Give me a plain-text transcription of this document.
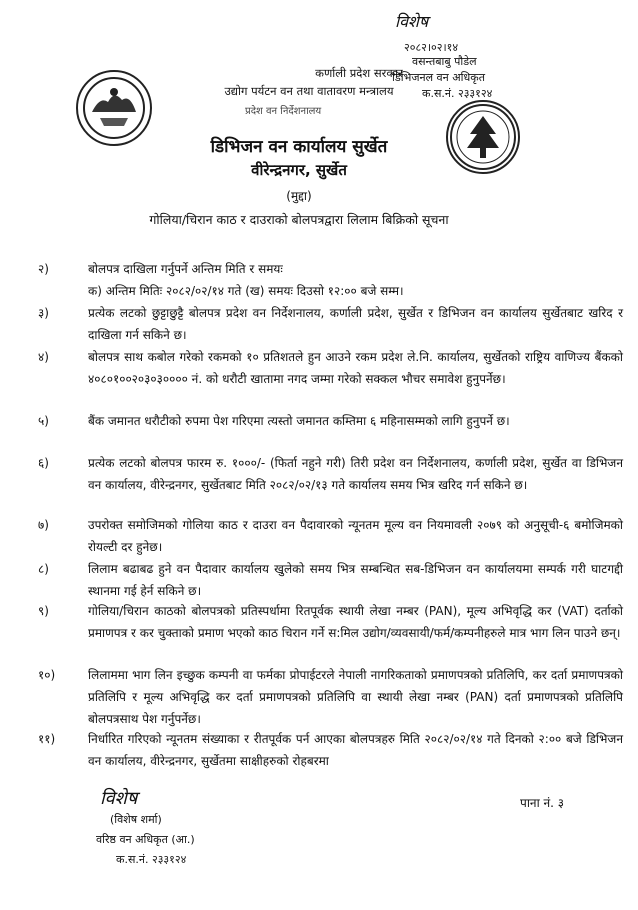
कर्णाली प्रदेश सरकार
उद्योग पर्यटन वन तथा वातावरण मन्त्रालय
प्रदेश वन निर्देशनालय
डिभिजन वन कार्यालय सुर्खेत
वीरेन्द्रनगर, सुर्खेत
विशेष
२०८२।०२।१४
वसन्तबाबु पौडेल
डिभिजनल वन अधिकृत
क.स.नं. २३३१२४
(मुद्दा)
गोलिया/चिरान काठ र दाउराको बोलपत्रद्वारा लिलाम बिक्रिको सूचना
२)	बोलपत्र दाखिला गर्नुपर्ने अन्तिम मिति र समयः
क) अन्तिम मितिः २०८२/०२/१४ गते (ख) समयः दिउसो १२:०० बजे सम्म।
३)	प्रत्येक लटको छुट्टाछुट्टै बोलपत्र प्रदेश वन निर्देशनालय, कर्णाली प्रदेश, सुर्खेत र डिभिजन वन कार्यालय सुर्खेतबाट खरिद र दाखिला गर्न सकिने छ।
४)	बोलपत्र साथ कबोल गरेको रकमको १० प्रतिशतले हुन आउने रकम प्रदेश ले.नि. कार्यालय, सुर्खेतको राष्ट्रिय वाणिज्य बैंकको ४०८०१००२०३०३०००० नं. को धरौटी खातामा नगद जम्मा गरेको सक्कल भौचर समावेश हुनुपर्नेछ।
५)	बैंक जमानत धरौटीको रुपमा पेश गरिएमा त्यस्तो जमानत कम्तिमा ६ महिनासम्मको लागि हुनुपर्ने छ।
६)	प्रत्येक लटको बोलपत्र फारम रु. १०००/- (फिर्ता नहुने गरी) तिरी प्रदेश वन निर्देशनालय, कर्णाली प्रदेश, सुर्खेत वा डिभिजन वन कार्यालय, वीरेन्द्रनगर, सुर्खेतबाट मिति २०८२/०२/१३ गते कार्यालय समय भित्र खरिद गर्न सकिने छ।
७)	उपरोक्त समोजिमको गोलिया काठ र दाउरा वन पैदावारको न्यूनतम मूल्य वन नियमावली २०७९ को अनुसूची-६ बमोजिमको रोयल्टी दर हुनेछ।
८)	लिलाम बढाबढ हुने वन पैदावार कार्यालय खुलेको समय भित्र सम्बन्धित सब-डिभिजन वन कार्यालयमा सम्पर्क गरी घाटगद्दी स्थानमा गई हेर्न सकिने छ।
९)	गोलिया/चिरान काठको बोलपत्रको प्रतिस्पर्धामा रितपूर्वक स्थायी लेखा नम्बर (PAN), मूल्य अभिवृद्धि कर (VAT) दर्ताको प्रमाणपत्र र कर चुक्ताको प्रमाण भएको काठ चिरान गर्ने स:मिल उद्योग/व्यवसायी/फर्म/कम्पनीहरुले मात्र भाग लिन पाउने छन्।
१०)	लिलाममा भाग लिन इच्छुक कम्पनी वा फर्मका प्रोपाईटरले नेपाली नागरिकताको प्रमाणपत्रको प्रतिलिपि, कर दर्ता प्रमाणपत्रको प्रतिलिपि र मूल्य अभिवृद्धि कर दर्ता प्रमाणपत्रको प्रतिलिपि वा स्थायी लेखा नम्बर (PAN) दर्ता प्रमाणपत्रको प्रतिलिपि बोलपत्रसाथ पेश गर्नुपर्नेछ।
११)	निर्धारित गरिएको न्यूनतम संख्याका र रीतपूर्वक पर्न आएका बोलपत्रहरु मिति २०८२/०२/१४ गते दिनको २:०० बजे डिभिजन वन कार्यालय, वीरेन्द्रनगर, सुर्खेतमा साक्षीहरुको रोहबरमा
विशेष
(विशेष शर्मा)
वरिष्ठ वन अधिकृत (आ.)
क.स.नं. २३३१२४
पाना नं. ३
